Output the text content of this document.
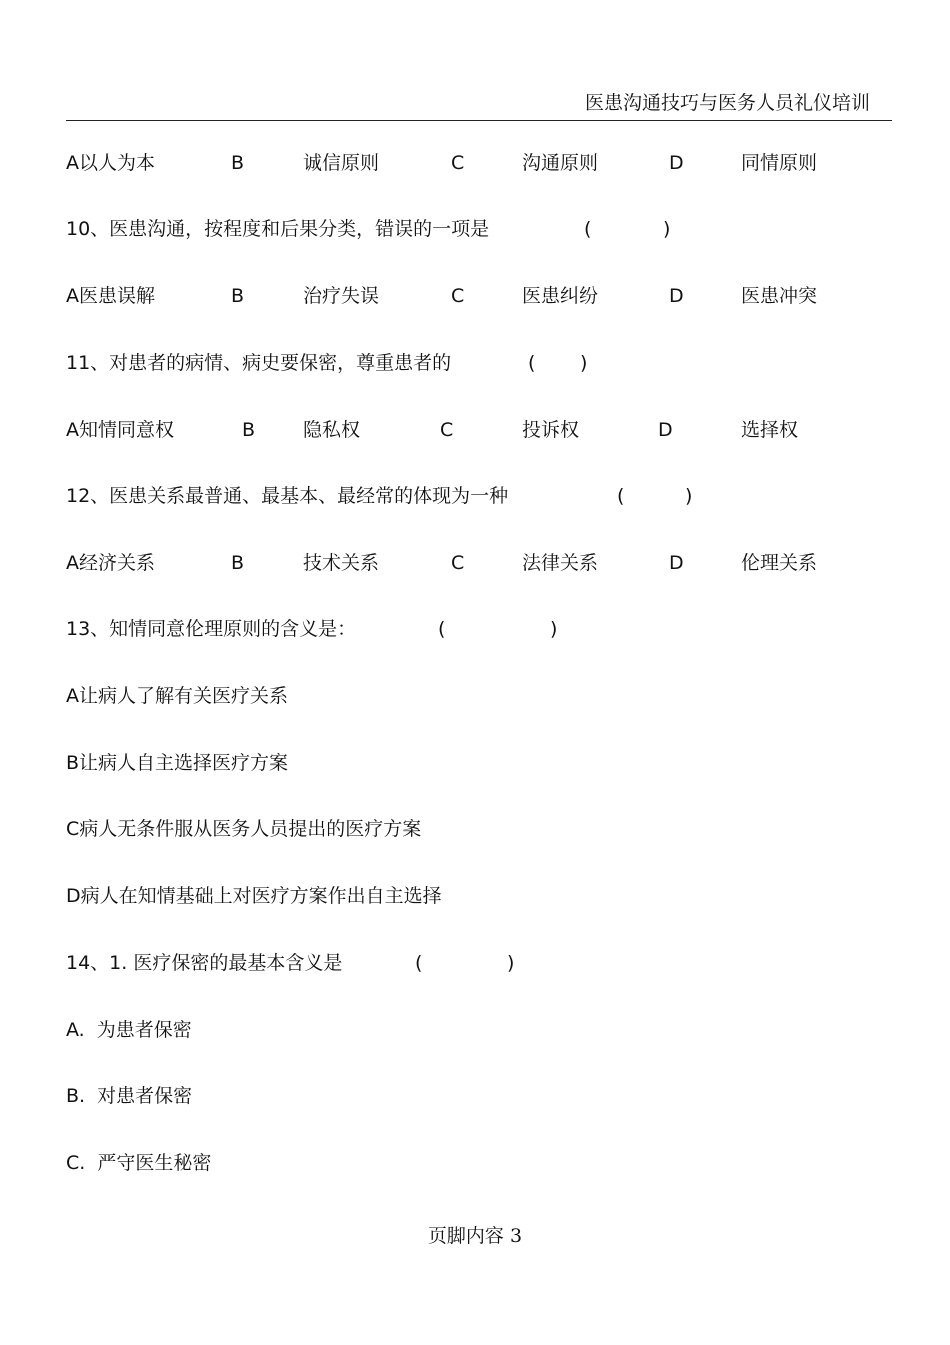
医患沟通技巧与医务人员礼仪培训
A以人为本	B	诚信原则	C	沟通原则	D	同情原则
10、医患沟通，按程度和后果分类，错误的一项是	(	)
A医患误解	B	治疗失误	C	医患纠纷	D	医患冲突
11、对患者的病情、病史要保密，尊重患者的	( )
A知情同意权	B	隐私权	C	投诉权	D	选择权
12、医患关系最普通、最基本、最经常的体现为一种	(	)
A经济关系	B	技术关系	C	法律关系	D	伦理关系
13、知情同意伦理原则的含义是：	(	)
A让病人了解有关医疗关系
B让病人自主选择医疗方案
C病人无条件服从医务人员提出的医疗方案
D病人在知情基础上对医疗方案作出自主选择
14、1. 医疗保密的最基本含义是	(	)
A.  为患者保密
B.  对患者保密
C.  严守医生秘密
页脚内容 3
